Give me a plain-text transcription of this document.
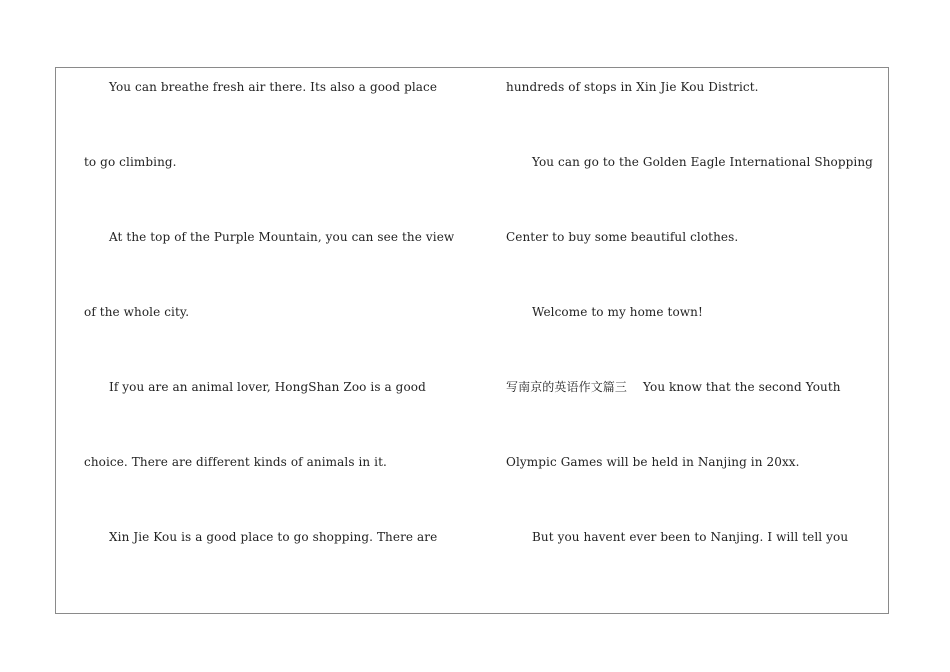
You can breathe fresh air there. Its also a good place
to go climbing.
At the top of the Purple Mountain, you can see the view
of the whole city.
If you are an animal lover, HongShan Zoo is a good
choice. There are different kinds of animals in it.
Xin Jie Kou is a good place to go shopping. There are
hundreds of stops in Xin Jie Kou District.
You can go to the Golden Eagle International Shopping
Center to buy some beautiful clothes.
Welcome to my home town!
写南京的英语作文篇三　 You know that the second Youth
Olympic Games will be held in Nanjing in 20xx.
But you havent ever been to Nanjing. I will tell you
